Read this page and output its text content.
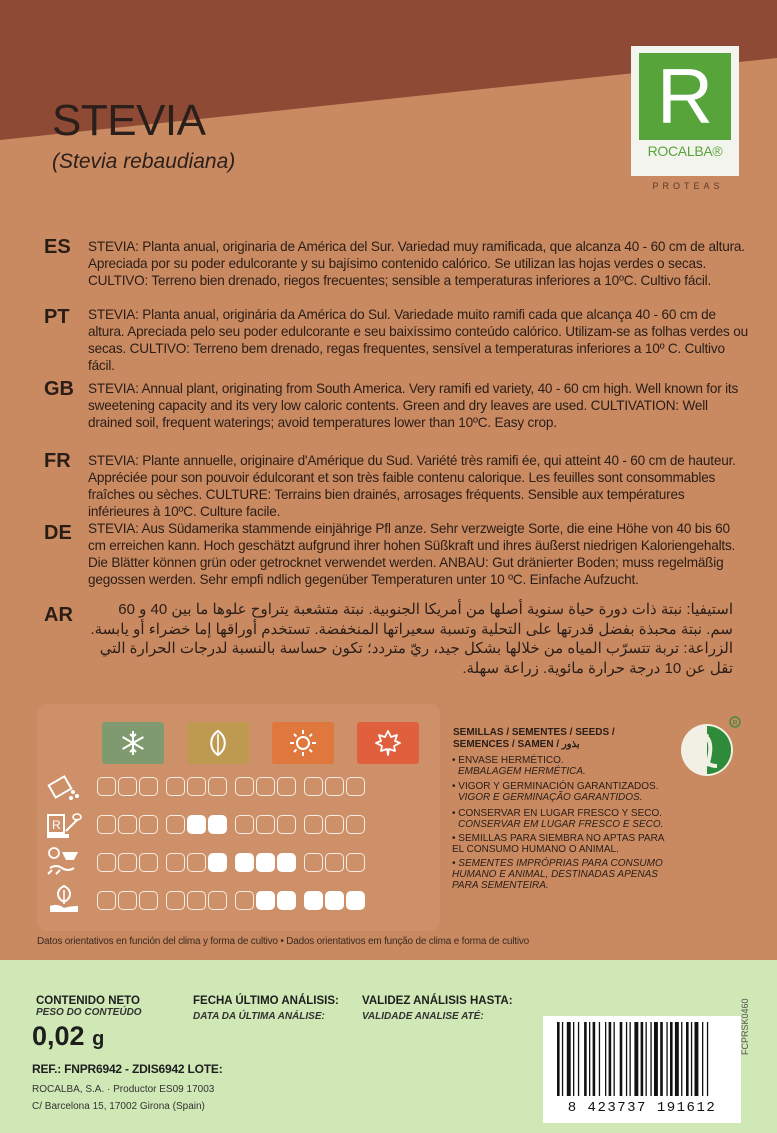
STEVIA
(Stevia rebaudiana)
R
ROCALBA®
PROTEAS
ES STEVIA: Planta anual, originaria de América del Sur. Variedad muy ramificada, que alcanza 40 - 60 cm de altura. Apreciada por su poder edulcorante y su bajísimo contenido calórico. Se utilizan las hojas verdes o secas. CULTIVO: Terreno bien drenado, riegos frecuentes; sensible a temperaturas inferiores a 10ºC. Cultivo fácil.
PT STEVIA: Planta anual, originária da América do Sul. Variedade muito ramifi cada que alcança 40 - 60 cm de altura. Apreciada pelo seu poder edulcorante e seu baixíssimo conteúdo calórico. Utilizam-se as folhas verdes ou secas. CULTIVO: Terreno bem drenado, regas frequentes, sensível a temperaturas inferiores a 10º C. Cultivo fácil.
GB STEVIA: Annual plant, originating from South America. Very ramifi ed variety, 40 - 60 cm high. Well known for its sweetening capacity and its very low caloric contents. Green and dry leaves are used. CULTIVATION: Well drained soil, frequent waterings; avoid temperatures lower than 10ºC. Easy crop.
FR STEVIA: Plante annuelle, originaire d'Amérique du Sud. Variété très ramifi ée, qui atteint 40 - 60 cm de hauteur. Appréciée pour son pouvoir édulcorant et son très faible contenu calorique. Les feuilles sont consommables fraîches ou sèches. CULTURE: Terrains bien drainés, arrosages fréquents. Sensible aux températures inférieures à 10ºC. Culture facile.
DE STEVIA: Aus Südamerika stammende einjährige Pfl anze. Sehr verzweigte Sorte, die eine Höhe von 40 bis 60 cm erreichen kann. Hoch geschätzt aufgrund ihrer hohen Süßkraft und ihres äußerst niedrigen Kaloriengehalts. Die Blätter können grün oder getrocknet verwendet werden. ANBAU: Gut dränierter Boden; muss regelmäßig gegossen werden. Sehr empfi ndlich gegenüber Temperaturen unter 10 ºC. Einfache Aufzucht.
AR	استيفيا: نبتة ذات دورة حياة سنوية أصلها من أمريكا الجنوبية. نبتة متشعبة يتراوح علوها ما بين 40 و 60 سم. نبتة محبذة بفضل قدرتها على التحلية وتسبة سعيراتها المنخفضة. تستخدم أوراقها إما خضراء أو يابسة. الزراعة: تربة تتسرّب المياه من خلالها بشكل جيد، ريّ متردد؛ تكون حساسة بالنسبة لدرجات الحرارة التي تقل عن 10 درجة حرارة مائوية. زراعة سهلة.
R
SEMILLAS / SEMENTES / SEEDS /
SEMENCES / SAMEN / بذور
• ENVASE HERMÉTICO.
EMBALAGEM HERMÉTICA.
• VIGOR Y GERMINACIÓN GARANTIZADOS.
VIGOR E GERMINAÇÃO GARANTIDOS.
• CONSERVAR EN LUGAR FRESCO Y SECO.
CONSERVAR EM LUGAR FRESCO E SECO.
• SEMILLAS PARA SIEMBRA NO APTAS PARA EL CONSUMO HUMANO O ANIMAL.
• SEMENTES IMPRÓPRIAS PARA CONSUMO HUMANO E ANIMAL, DESTINADAS APENAS PARA SEMENTEIRA.
R
Datos orientativos en función del clima y forma de cultivo • Dados orientativos em função de clima e forma de cultivo
CONTENIDO NETO
PESO DO CONTEÚDO
0,02 g
FECHA ÚLTIMO ANÁLISIS:
DATA DA ÚLTIMA ANÁLISE:
VALIDEZ ANÁLISIS HASTA:
VALIDADE ANALISE ATÉ:
REF.: FNPR6942 - ZDIS6942 LOTE:
ROCALBA, S.A. · Productor ES09 17003
C/ Barcelona 15, 17002 Girona (Spain)	8 423737 191612
FCPRSK0460
